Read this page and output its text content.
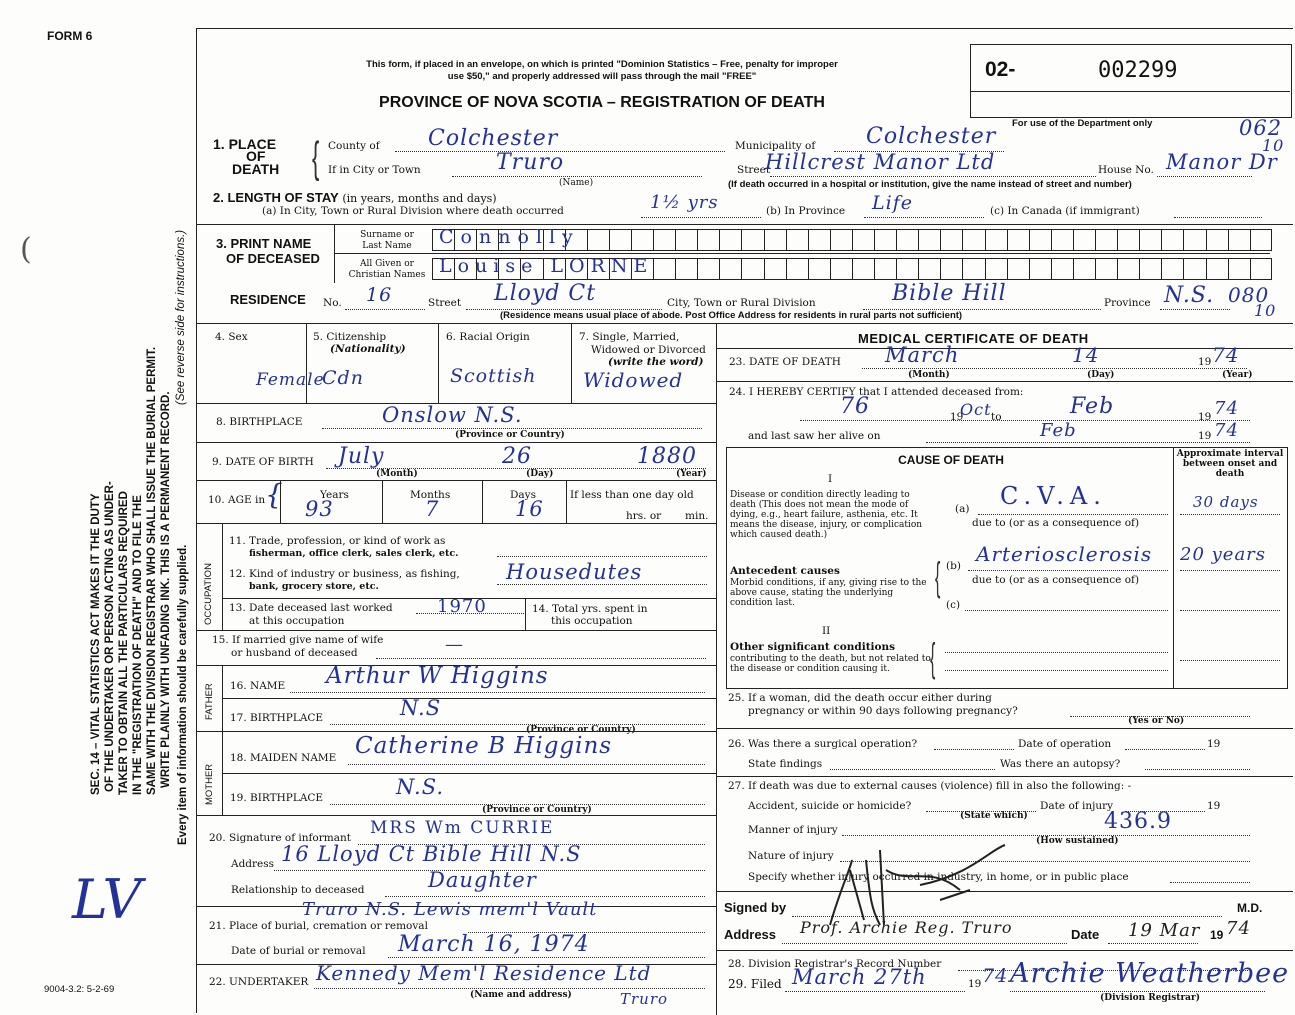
FORM 6
9004-3.2: 5-2-69
SEC. 14 – VITAL STATISTICS ACT MAKES IT THE DUTY OF THE UNDERTAKER OR PERSON ACTING AS UNDER- TAKER TO OBTAIN ALL THE PARTICULARS REQUIRED IN THE "REGISTRATION OF DEATH" AND TO FILE THE SAME WITH THE DIVISION REGISTRAR WHO SHALL ISSUE THE BURIAL PERMIT. WRITE PLAINLY WITH UNFADING INK. THIS IS A PERMANENT RECORD.
(See reverse side for instructions.)
Every item of information should be carefully supplied.
LV
(
This form, if placed in an envelope, on which is printed "Dominion Statistics – Free, penalty for improper
use $50," and properly addressed will pass through the mail "FREE"
PROVINCE OF NOVA SCOTIA – REGISTRATION OF DEATH
02-	002299
For use of the Department only	062
10
1. PLACE
OF
DEATH { County of Colchester	Municipality of Colchester
If in City or Town	Truro
(Name)
Street
Hillcrest Manor Ltd	House No. Manor Dr
(If death occurred in a hospital or institution, give the name instead of street and number)
2. LENGTH OF STAY (in years, months and days)
(a) In City, Town or Rural Division where death occurred	1½ yrs	(b) In Province Life	(c) In Canada (if immigrant)
3. PRINT NAME
OF DECEASED
Surname or
Last Name
All Given or
Christian Names
Connolly
Louise LORNE
RESIDENCE No. 16	Street Lloyd Ct	City, Town or Rural Division	Bible Hill	Province N.S. 080
10
(Residence means usual place of abode. Post Office Address for residents in rural parts not sufficient)
4. Sex
Female
5. Citizenship
(Nationality)
Cdn
6. Racial Origin
Scottish
7. Single, Married,
Widowed or Divorced
(write the word)
Widowed
8. BIRTHPLACE	Onslow N.S.
(Province or Country)
9. DATE OF BIRTH July	26	1880
(Month)	(Day)	(Year)
10. AGE in {	Years	Months	Days
93	7	16
If less than one day old
hrs. or min.
OCCUPATION
11. Trade, profession, or kind of work as
fisherman, office clerk, sales clerk, etc.
12. Kind of industry or business, as fishing,
bank, grocery store, etc.
Housedutes
13. Date deceased last worked
at this occupation
1970	14. Total yrs. spent in
this occupation
15. If married give name of wife
or husband of deceased	—
FATHER 16. NAME Arthur W Higgins
17. BIRTHPLACE	N.S
(Province or Country)
MOTHER
18. MAIDEN NAME Catherine B Higgins
19. BIRTHPLACE	N.S.
(Province or Country)
20. Signature of informant MRS Wm CURRIE
Address 16 Lloyd Ct Bible Hill N.S
Relationship to deceased	Daughter
21. Place of burial, cremation or removal
Truro N.S. Lewis mem'l Vault
Date of burial or removal March 16, 1974
22. UNDERTAKER Kennedy Mem'l Residence Ltd
Truro
(Name and address)
MEDICAL CERTIFICATE OF DEATH
23. DATE OF DEATH March	14	19 74
(Month)	(Day)	(Year)
24. I HEREBY CERTIFY that I attended deceased from:
76	19
Oct to	Feb	19 74
and last saw her alive on	Feb	19 74
CAUSE OF DEATH	Approximate interval between onset and death
I
II
Disease or condition directly leading to death (This does not mean the mode of dying, e.g., heart failure, asthenia, etc. It means the disease, injury, or complication which caused death.)
(a) C.V.A.	30 days
due to (or as a consequence of)
Antecedent causes
Morbid conditions, if any, giving rise to the above cause, stating the underlying condition last.
{ (b) Arteriosclerosis 20 years
due to (or as a consequence of)
(c)
Other significant conditions
contributing to the death, but not related to the disease or condition causing it.	{
25. If a woman, did the death occur either during
pregnancy or within 90 days following pregnancy?
(Yes or No)
26. Was there a surgical operation?	Date of operation	19
State findings	Was there an autopsy?
27. If death was due to external causes (violence) fill in also the following: -
Accident, suicide or homicide?
(State which)
Date of injury	19
Manner of injury	436.9
(How sustained)
Nature of injury
Specify whether injury occurred in industry, in home, or in public place
Signed by	M.D.
Address Prof. Archie Reg. Truro	Date 19 Mar 19 74
28. Division Registrar's Record Number
29. Filed March 27th	19 74 Archie Weatherbee
(Division Registrar)
